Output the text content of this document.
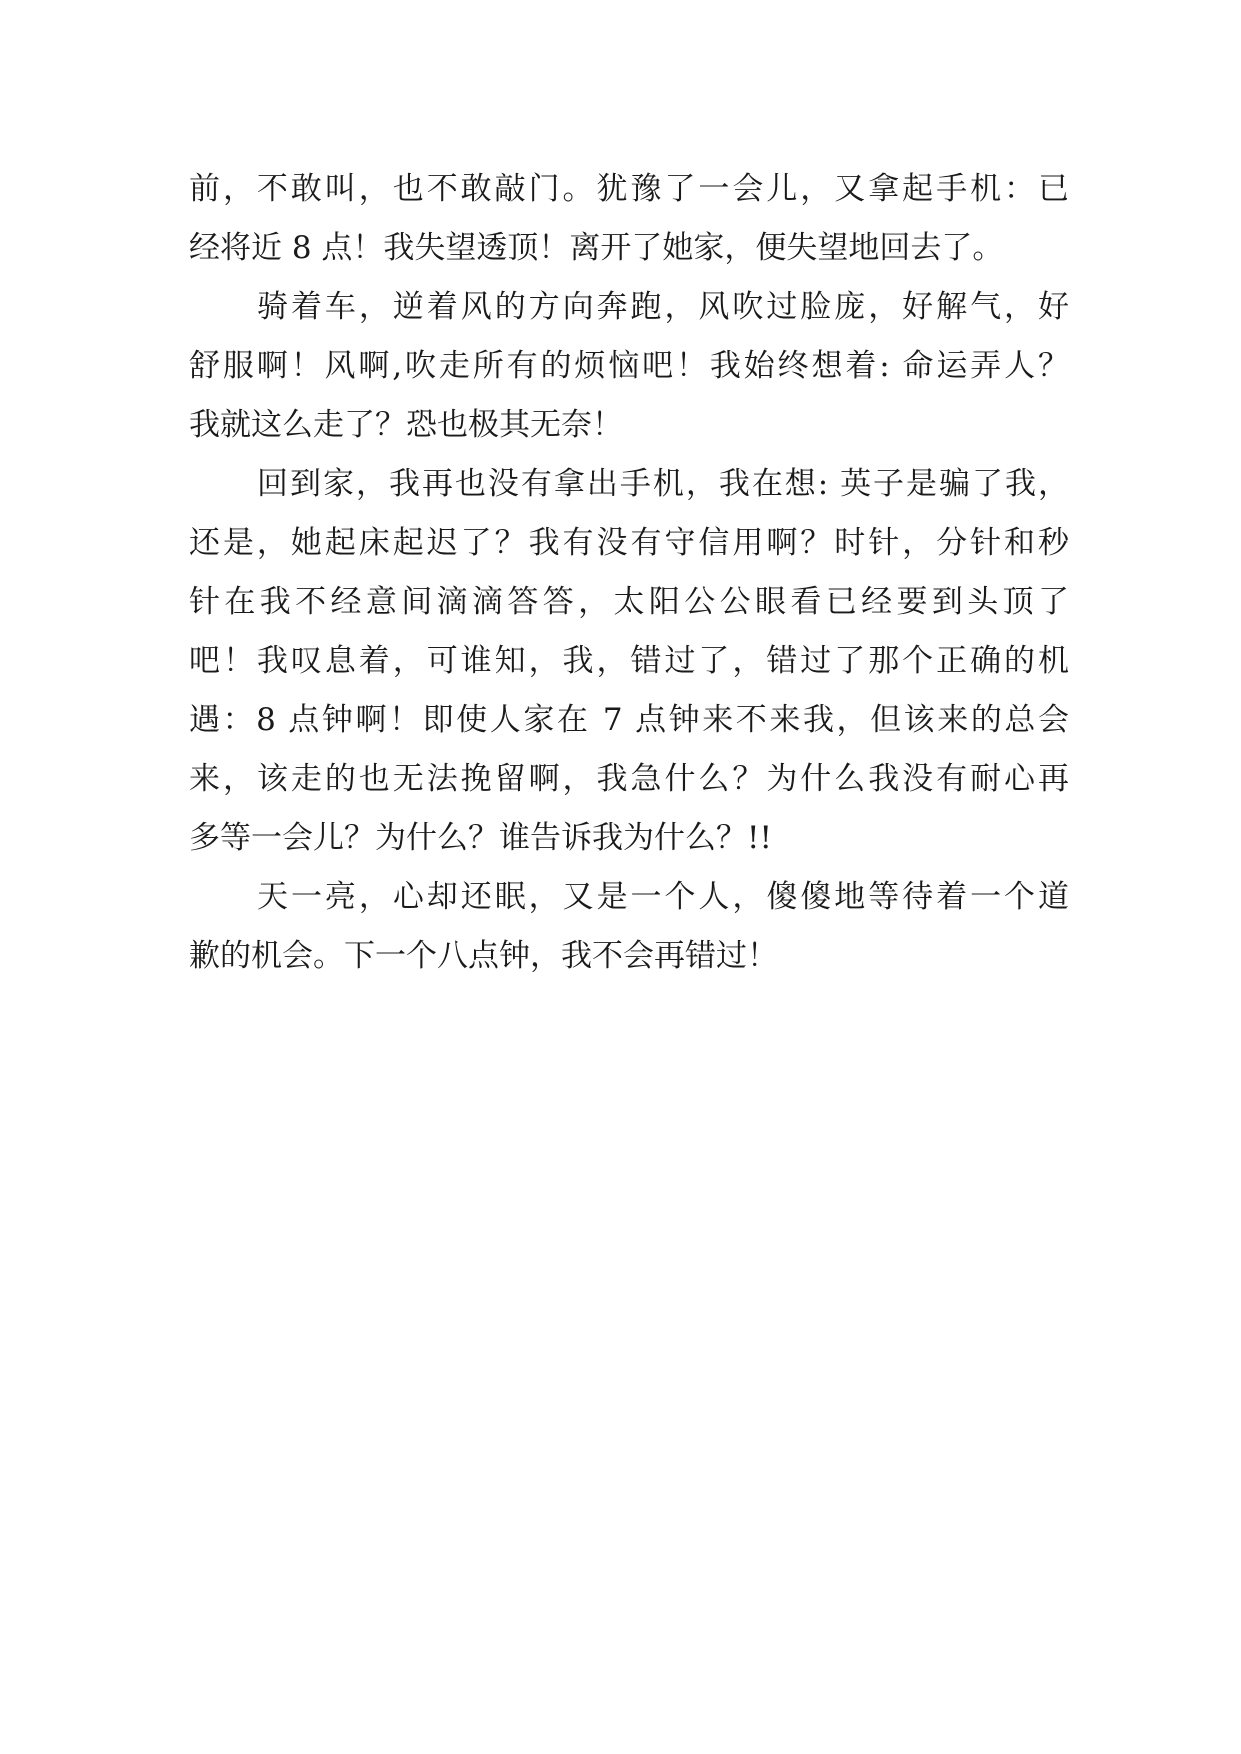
前，不敢叫，也不敢敲门。犹豫了一会儿，又拿起手机：已
经将近 8 点！我失望透顶！离开了她家，便失望地回去了。
骑着车，逆着风的方向奔跑，风吹过脸庞，好解气，好
舒服啊！风啊,吹走所有的烦恼吧！我始终想着: 命运弄人？
我就这么走了？恐也极其无奈！
回到家，我再也没有拿出手机，我在想: 英子是骗了我，
还是，她起床起迟了？我有没有守信用啊？时针，分针和秒
针在我不经意间滴滴答答，太阳公公眼看已经要到头顶了
吧！我叹息着，可谁知，我，错过了，错过了那个正确的机
遇：8 点钟啊！即使人家在 7 点钟来不来我，但该来的总会
来，该走的也无法挽留啊，我急什么？为什么我没有耐心再
多等一会儿？为什么？谁告诉我为什么？!!
天一亮，心却还眠，又是一个人，傻傻地等待着一个道
歉的机会。下一个八点钟，我不会再错过！
